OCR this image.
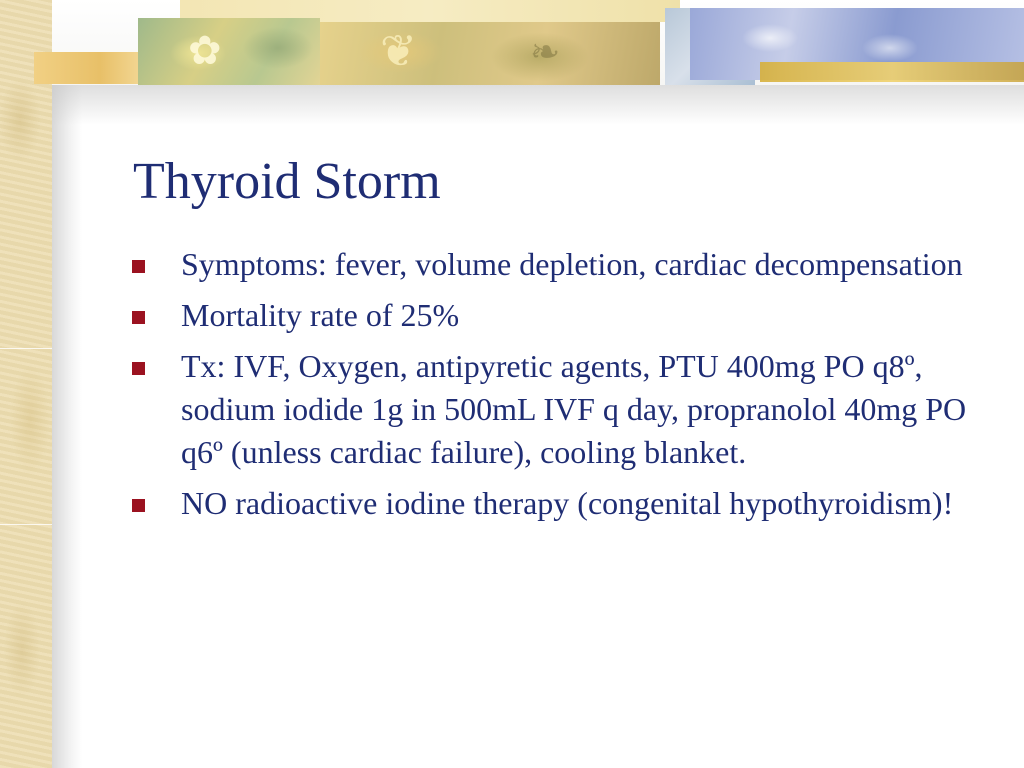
✿	❦	❧
Thyroid Storm
Symptoms: fever, volume depletion, cardiac decompensation
Mortality rate of 25%
Tx: IVF, Oxygen, antipyretic agents, PTU 400mg PO q8º, sodium iodide 1g in 500mL IVF q day, propranolol 40mg PO q6º (unless cardiac failure), cooling blanket.
NO radioactive iodine therapy (congenital hypothyroidism)!
